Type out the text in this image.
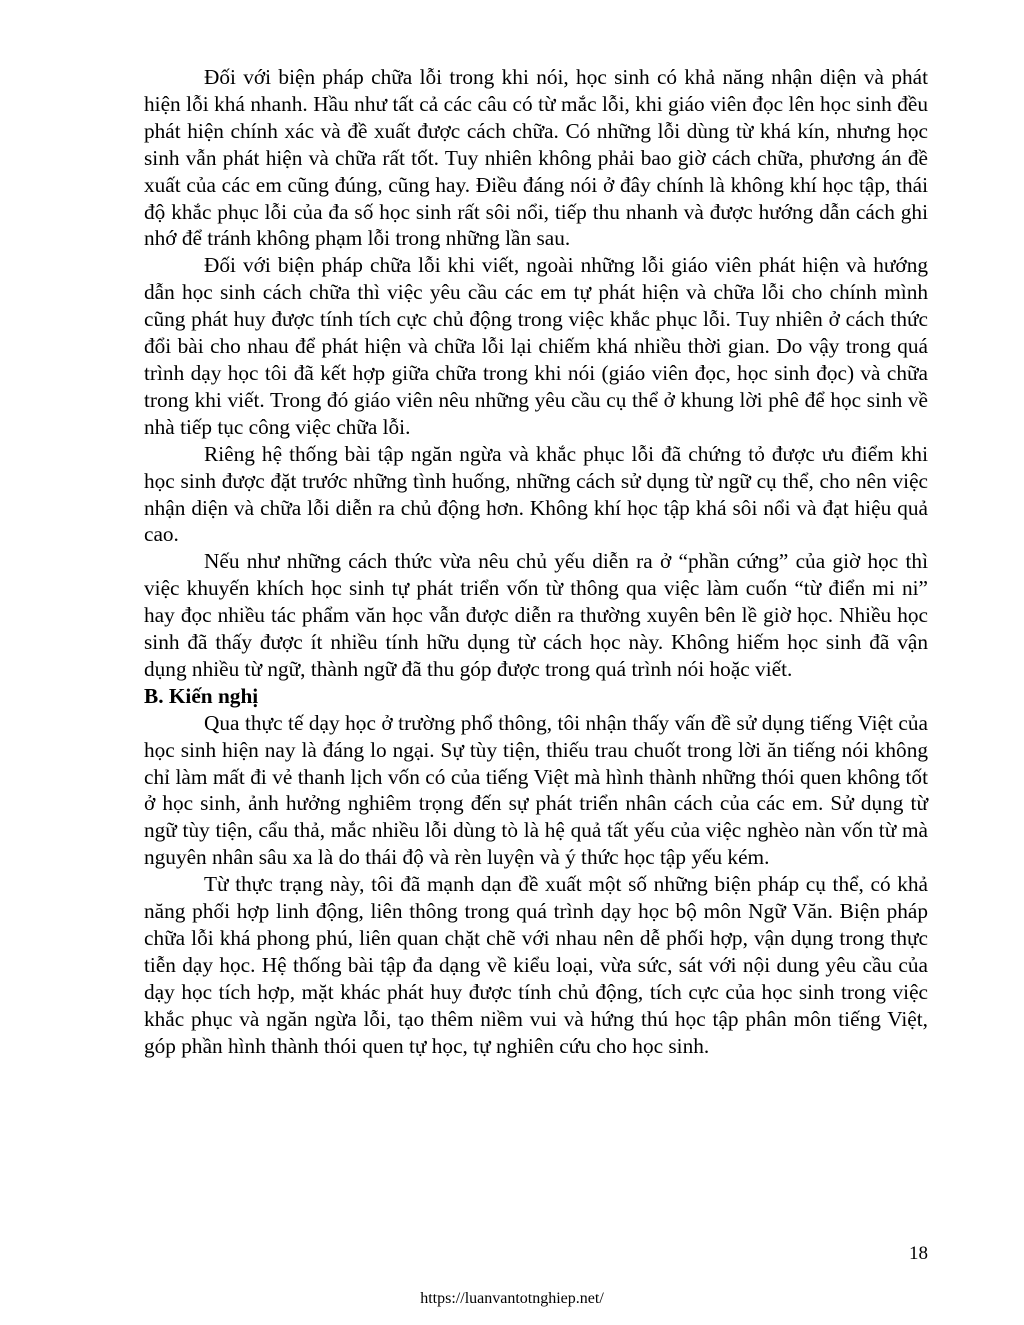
Đối với biện pháp chữa lỗi trong khi nói, học sinh có khả năng nhận diện và phát hiện lỗi khá nhanh. Hầu như tất cả các câu có từ mắc lỗi, khi giáo viên đọc lên học sinh đều phát hiện chính xác và đề xuất được cách chữa. Có những lỗi dùng từ khá kín, nhưng học sinh vẫn phát hiện và chữa rất tốt. Tuy nhiên không phải bao giờ cách chữa, phương án đề xuất của các em cũng đúng, cũng hay. Điều đáng nói ở đây chính là không khí học tập, thái độ khắc phục lỗi của đa số học sinh rất sôi nổi, tiếp thu nhanh và được hướng dẫn cách ghi nhớ để tránh không phạm lỗi trong những lần sau.

Đối với biện pháp chữa lỗi khi viết, ngoài những lỗi giáo viên phát hiện và hướng dẫn học sinh cách chữa thì việc yêu cầu các em tự phát hiện và chữa lỗi cho chính mình cũng phát huy được tính tích cực chủ động trong việc khắc phục lỗi. Tuy nhiên ở cách thức đổi bài cho nhau để phát hiện và chữa lỗi lại chiếm khá nhiều thời gian. Do vậy trong quá trình dạy học tôi đã kết hợp giữa chữa trong khi nói (giáo viên đọc, học sinh đọc) và chữa trong khi viết. Trong đó giáo viên nêu những yêu cầu cụ thể ở khung lời phê để học sinh về nhà tiếp tục công việc chữa lỗi.

Riêng hệ thống bài tập ngăn ngừa và khắc phục lỗi đã chứng tỏ được ưu điểm khi học sinh được đặt trước những tình huống, những cách sử dụng từ ngữ cụ thể, cho nên việc nhận diện và chữa lỗi diễn ra chủ động hơn. Không khí học tập khá sôi nổi và đạt hiệu quả cao.

Nếu như những cách thức vừa nêu chủ yếu diễn ra ở “phần cứng” của giờ học thì việc khuyến khích học sinh tự phát triển vốn từ thông qua việc làm cuốn “từ điển mi ni” hay đọc nhiều tác phẩm văn học vẫn được diễn ra thường xuyên bên lề giờ học. Nhiều học sinh đã thấy được ít nhiều tính hữu dụng từ cách học này. Không hiếm học sinh đã vận dụng nhiều từ ngữ, thành ngữ đã thu góp được trong quá trình nói hoặc viết.

B. Kiến nghị

Qua thực tế dạy học ở trường phổ thông, tôi nhận thấy vấn đề sử dụng tiếng Việt của học sinh hiện nay là đáng lo ngại. Sự tùy tiện, thiếu trau chuốt trong lời ăn tiếng nói không chỉ làm mất đi vẻ thanh lịch vốn có của tiếng Việt mà hình thành những thói quen không tốt ở học sinh, ảnh hưởng nghiêm trọng đến sự phát triển nhân cách của các em. Sử dụng từ ngữ tùy tiện, cẩu thả, mắc nhiều lỗi dùng tò là hệ quả tất yếu của việc nghèo nàn vốn từ mà nguyên nhân sâu xa là do thái độ và rèn luyện và ý thức học tập yếu kém.

Từ thực trạng này, tôi đã mạnh dạn đề xuất một số những biện pháp cụ thể, có khả năng phối hợp linh động, liên thông trong quá trình dạy học bộ môn Ngữ Văn. Biện pháp chữa lỗi khá phong phú, liên quan chặt chẽ với nhau nên dễ phối hợp, vận dụng trong thực tiễn dạy học. Hệ thống bài tập đa dạng về kiểu loại, vừa sức, sát với nội dung yêu cầu của dạy học tích hợp, mặt khác phát huy được tính chủ động, tích cực của học sinh trong việc khắc phục và ngăn ngừa lỗi, tạo thêm niềm vui và hứng thú học tập phân môn tiếng Việt, góp phần hình thành thói quen tự học, tự nghiên cứu cho học sinh.

18
https://luanvantotnghiep.net/
